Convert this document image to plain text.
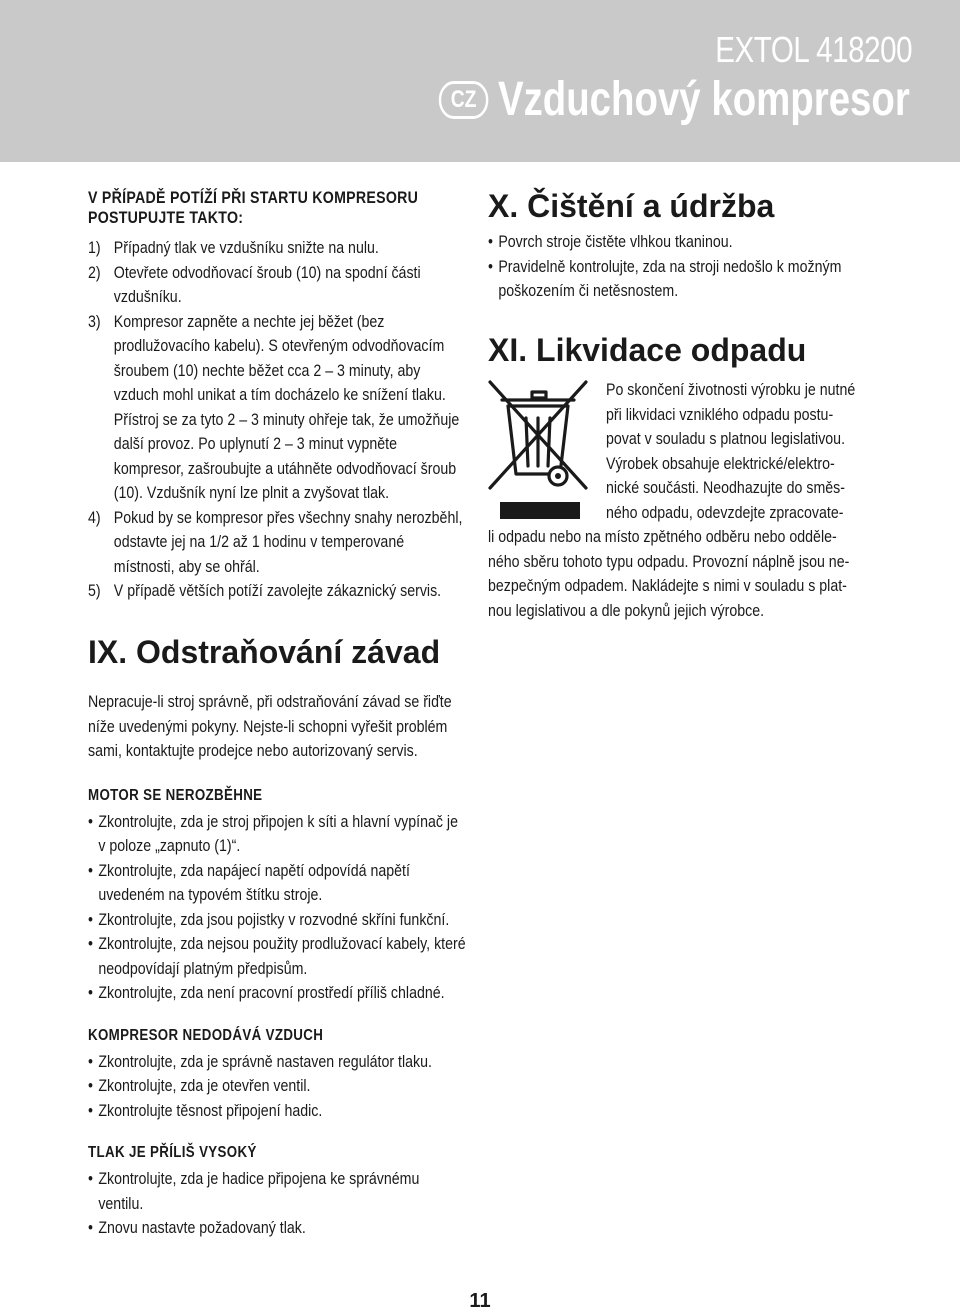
EXTOL 418200
CZ Vzduchový kompresor
V PŘÍPADĚ POTÍŽÍ PŘI STARTU KOMPRESORU POSTUPUJTE TAKTO:
1) Případný tlak ve vzdušníku snižte na nulu.
2) Otevřete odvodňovací šroub (10) na spodní části vzdušníku.
3) Kompresor zapněte a nechte jej běžet (bez prodlužovacího kabelu). S otevřeným odvodňovacím šroubem (10) nechte běžet cca 2 – 3 minuty, aby vzduch mohl unikat a tím docházelo ke snížení tlaku. Přístroj se za tyto 2 – 3 minuty ohřeje tak, že umožňuje další provoz. Po uplynutí 2 – 3 minut vypněte kompresor, zašroubujte a utáhněte odvodňovací šroub (10). Vzdušník nyní lze plnit a zvyšovat tlak.
4) Pokud by se kompresor přes všechny snahy nerozběhl, odstavte jej na 1/2 až 1 hodinu v temperované místnosti, aby se ohřál.
5) V případě větších potíží zavolejte zákaznický servis.
IX. Odstraňování závad
Nepracuje-li stroj správně, při odstraňování závad se řiďte níže uvedenými pokyny. Nejste-li schopni vyřešit problém sami, kontaktujte prodejce nebo autorizovaný servis.
MOTOR SE NEROZBĚHNE
• Zkontrolujte, zda je stroj připojen k síti a hlavní vypínač je v poloze „zapnuto (1)“.
• Zkontrolujte, zda napájecí napětí odpovídá napětí uvedeném na typovém štítku stroje.
• Zkontrolujte, zda jsou pojistky v rozvodné skříni funkční.
• Zkontrolujte, zda nejsou použity prodlužovací kabely, které neodpovídají platným předpisům.
• Zkontrolujte, zda není pracovní prostředí příliš chladné.
KOMPRESOR NEDODÁVÁ VZDUCH
• Zkontrolujte, zda je správně nastaven regulátor tlaku.
• Zkontrolujte, zda je otevřen ventil.
• Zkontrolujte těsnost připojení hadic.
TLAK JE PŘÍLIŠ VYSOKÝ
• Zkontrolujte, zda je hadice připojena ke správnému ventilu.
• Znovu nastavte požadovaný tlak.
X. Čištění a údržba
• Povrch stroje čistěte vlhkou tkaninou.
• Pravidelně kontrolujte, zda na stroji nedošlo k možným poškozením či netěsnostem.
XI. Likvidace odpadu
Po skončení životnosti výrobku je nutné
při likvidaci vzniklého odpadu postu-
povat v souladu s platnou legislativou.
Výrobek obsahuje elektrické/elektro-
nické součásti. Neodhazujte do směs-
ného odpadu, odevzdejte zpracovate-
li odpadu nebo na místo zpětného odběru nebo odděle-
ného sběru tohoto typu odpadu. Provozní náplně jsou ne-
bezpečným odpadem. Nakládejte s nimi v souladu s plat-
nou legislativou a dle pokynů jejich výrobce.
11
